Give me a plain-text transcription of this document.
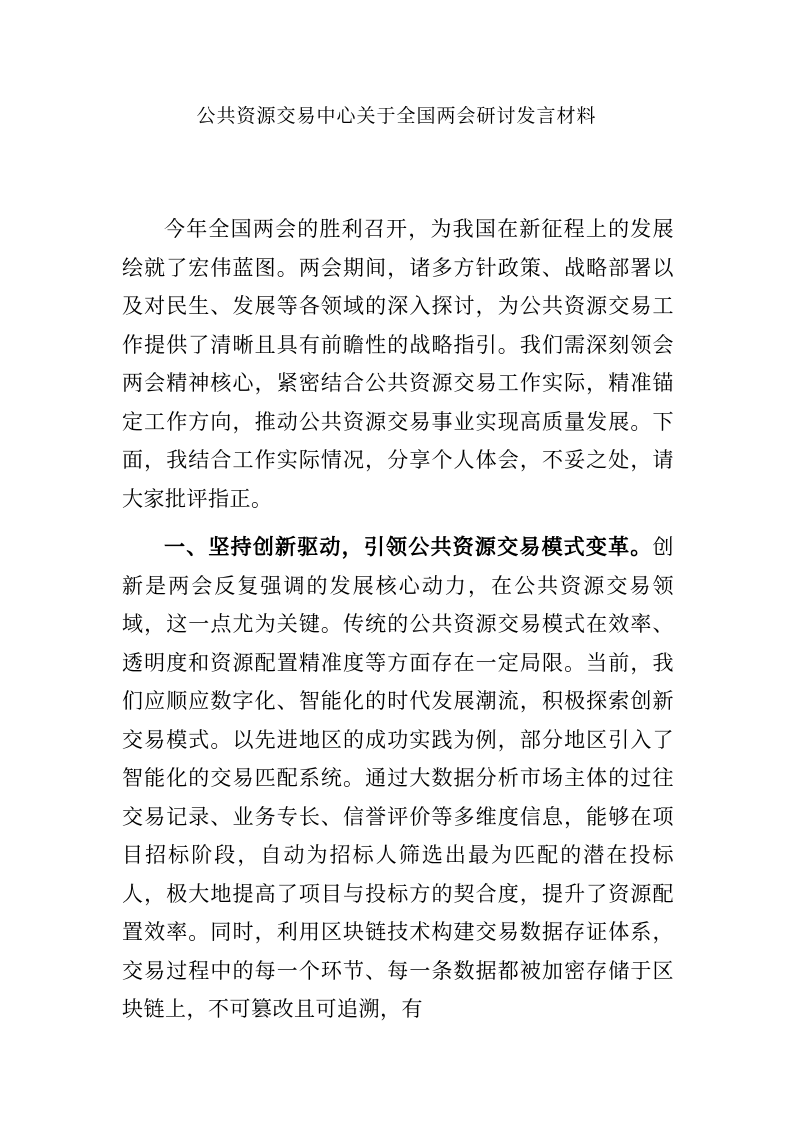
公共资源交易中心关于全国两会研讨发言材料

今年全国两会的胜利召开，为我国在新征程上的发展绘就了宏伟蓝图。两会期间，诸多方针政策、战略部署以及对民生、发展等各领域的深入探讨，为公共资源交易工作提供了清晰且具有前瞻性的战略指引。我们需深刻领会两会精神核心，紧密结合公共资源交易工作实际，精准锚定工作方向，推动公共资源交易事业实现高质量发展。下面，我结合工作实际情况，分享个人体会，不妥之处，请大家批评指正。

一、坚持创新驱动，引领公共资源交易模式变革。创新是两会反复强调的发展核心动力，在公共资源交易领域，这一点尤为关键。传统的公共资源交易模式在效率、透明度和资源配置精准度等方面存在一定局限。当前，我们应顺应数字化、智能化的时代发展潮流，积极探索创新交易模式。以先进地区的成功实践为例，部分地区引入了智能化的交易匹配系统。通过大数据分析市场主体的过往交易记录、业务专长、信誉评价等多维度信息，能够在项目招标阶段，自动为招标人筛选出最为匹配的潜在投标人，极大地提高了项目与投标方的契合度，提升了资源配置效率。同时，利用区块链技术构建交易数据存证体系，交易过程中的每一个环节、每一条数据都被加密存储于区块链上，不可篡改且可追溯，有
